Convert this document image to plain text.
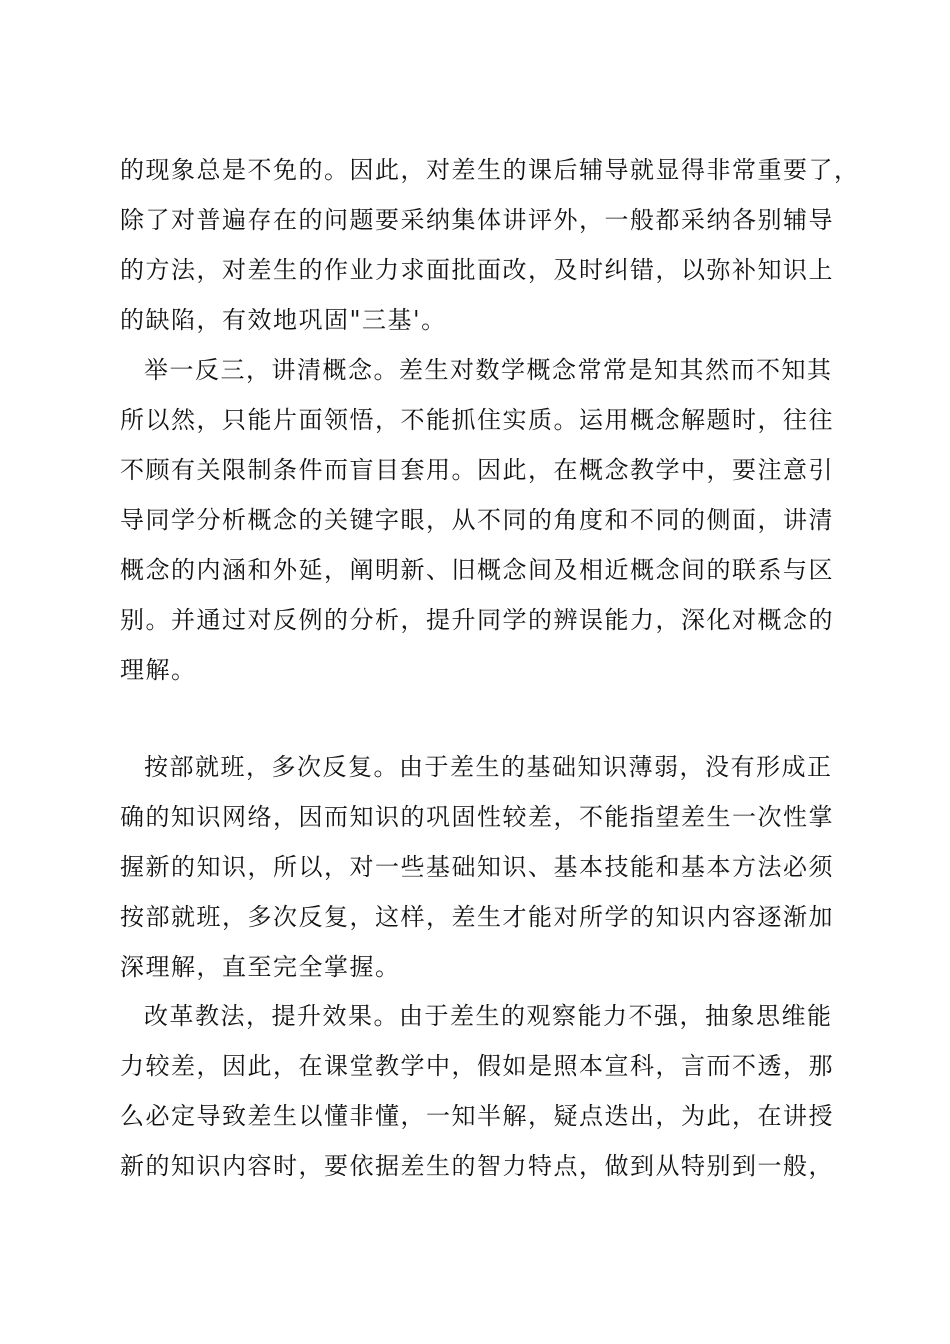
的现象总是不免的。因此，对差生的课后辅导就显得非常重要了，
除了对普遍存在的问题要采纳集体讲评外，一般都采纳各别辅导
的方法，对差生的作业力求面批面改，及时纠错，以弥补知识上
的缺陷，有效地巩固"三基'。
举一反三，讲清概念。差生对数学概念常常是知其然而不知其
所以然，只能片面领悟，不能抓住实质。运用概念解题时，往往
不顾有关限制条件而盲目套用。因此，在概念教学中，要注意引
导同学分析概念的关键字眼，从不同的角度和不同的侧面，讲清
概念的内涵和外延，阐明新、旧概念间及相近概念间的联系与区
别。并通过对反例的分析，提升同学的辨误能力，深化对概念的
理解。
按部就班，多次反复。由于差生的基础知识薄弱，没有形成正
确的知识网络，因而知识的巩固性较差，不能指望差生一次性掌
握新的知识，所以，对一些基础知识、基本技能和基本方法必须
按部就班，多次反复，这样，差生才能对所学的知识内容逐渐加
深理解，直至完全掌握。
改革教法，提升效果。由于差生的观察能力不强，抽象思维能
力较差，因此，在课堂教学中，假如是照本宣科，言而不透，那
么必定导致差生以懂非懂，一知半解，疑点迭出，为此，在讲授
新的知识内容时，要依据差生的智力特点，做到从特别到一般，
